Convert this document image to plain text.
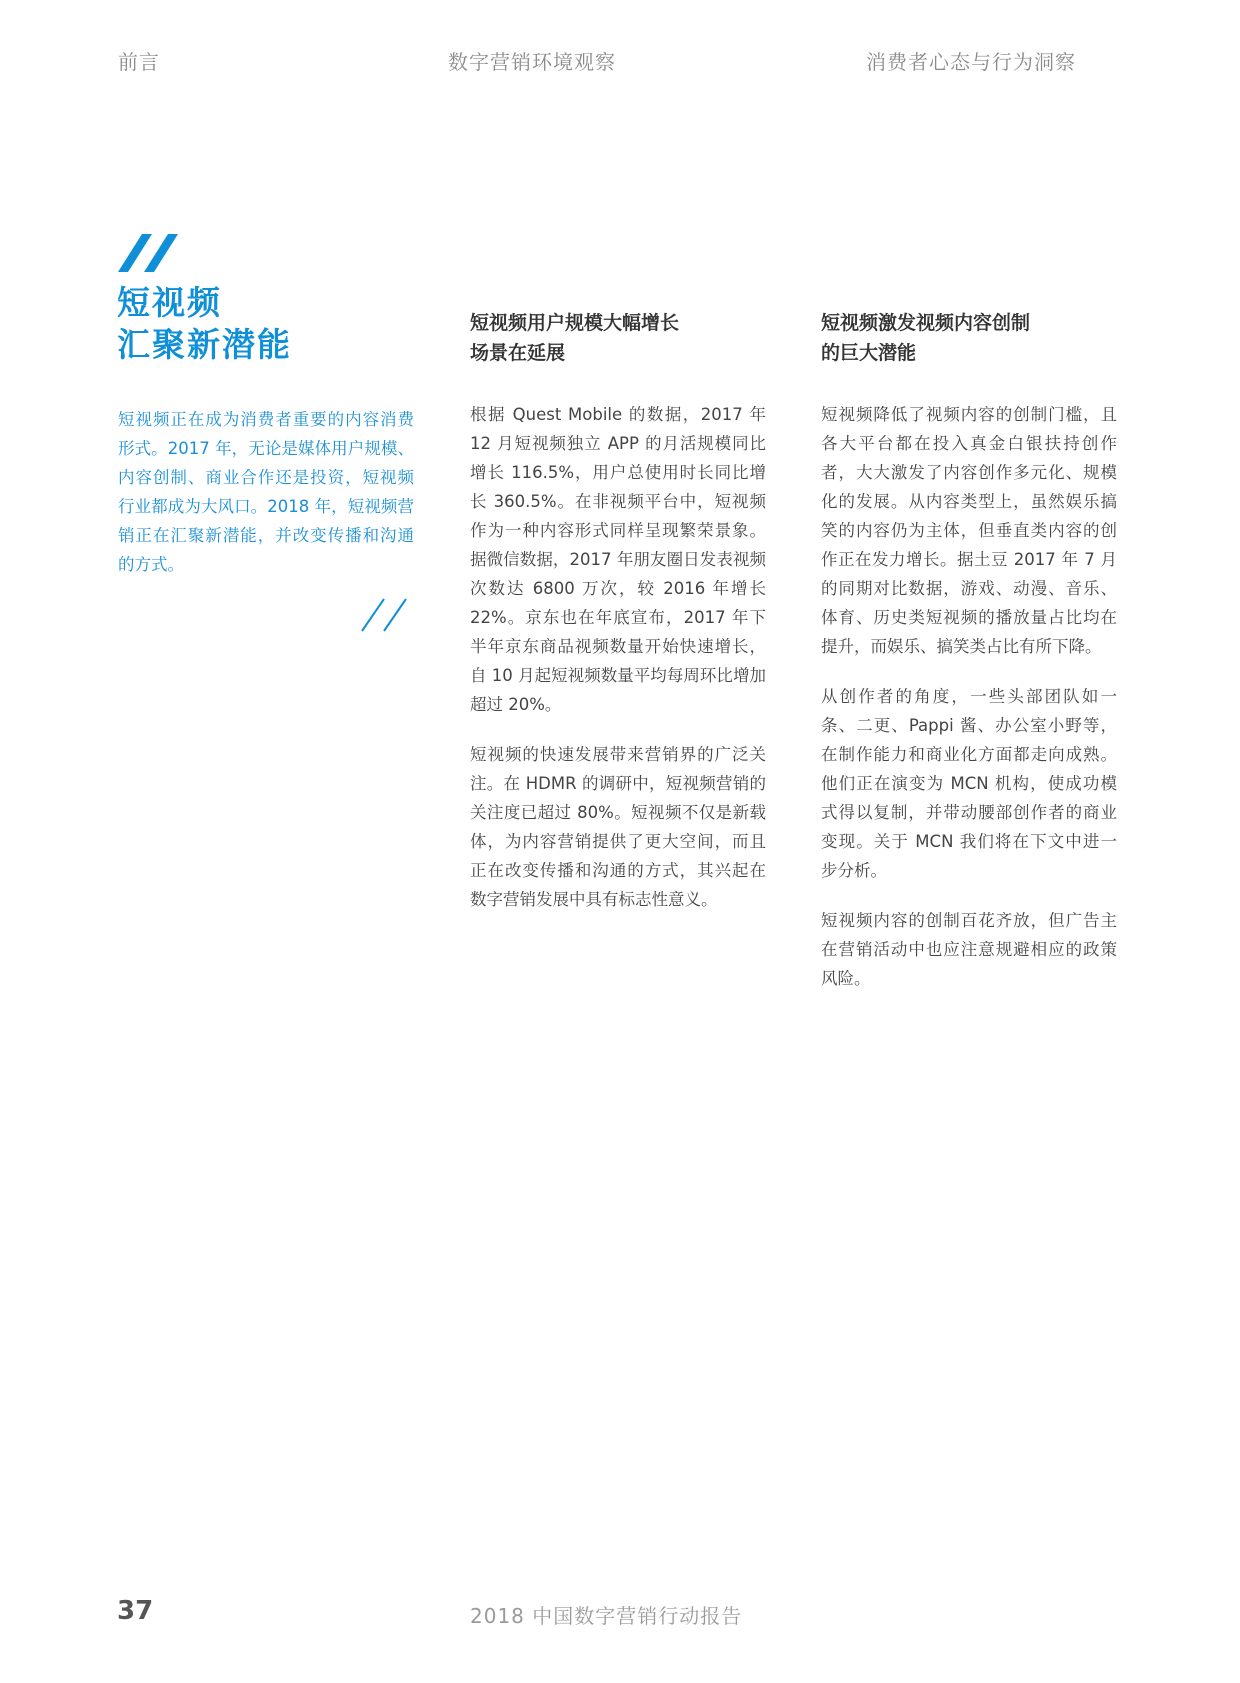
前言	数字营销环境观察	消费者心态与行为洞察
短视频
汇聚新潜能
短视频正在成为消费者重要的内容消费形式。2017 年，无论是媒体用户规模、内容创制、商业合作还是投资，短视频行业都成为大风口。2018 年，短视频营销正在汇聚新潜能，并改变传播和沟通的方式。
短视频用户规模大幅增长
场景在延展

根据 Quest Mobile 的数据，2017 年 12 月短视频独立 APP 的月活规模同比增长 116.5%，用户总使用时长同比增长 360.5%。在非视频平台中，短视频作为一种内容形式同样呈现繁荣景象。据微信数据，2017 年朋友圈日发表视频次数达 6800 万次，较 2016 年增长 22%。京东也在年底宣布，2017 年下半年京东商品视频数量开始快速增长，自 10 月起短视频数量平均每周环比增加超过 20%。

短视频的快速发展带来营销界的广泛关注。在 HDMR 的调研中，短视频营销的关注度已超过 80%。短视频不仅是新载体，为内容营销提供了更大空间，而且正在改变传播和沟通的方式，其兴起在数字营销发展中具有标志性意义。

短视频激发视频内容创制
的巨大潜能

短视频降低了视频内容的创制门槛，且各大平台都在投入真金白银扶持创作者，大大激发了内容创作多元化、规模化的发展。从内容类型上，虽然娱乐搞笑的内容仍为主体，但垂直类内容的创作正在发力增长。据土豆 2017 年 7 月的同期对比数据，游戏、动漫、音乐、体育、历史类短视频的播放量占比均在提升，而娱乐、搞笑类占比有所下降。

从创作者的角度，一些头部团队如一条、二更、Pappi 酱、办公室小野等，在制作能力和商业化方面都走向成熟。他们正在演变为 MCN 机构，使成功模式得以复制，并带动腰部创作者的商业变现。关于 MCN 我们将在下文中进一步分析。

短视频内容的创制百花齐放，但广告主在营销活动中也应注意规避相应的政策风险。

37	2018 中国数字营销行动报告
